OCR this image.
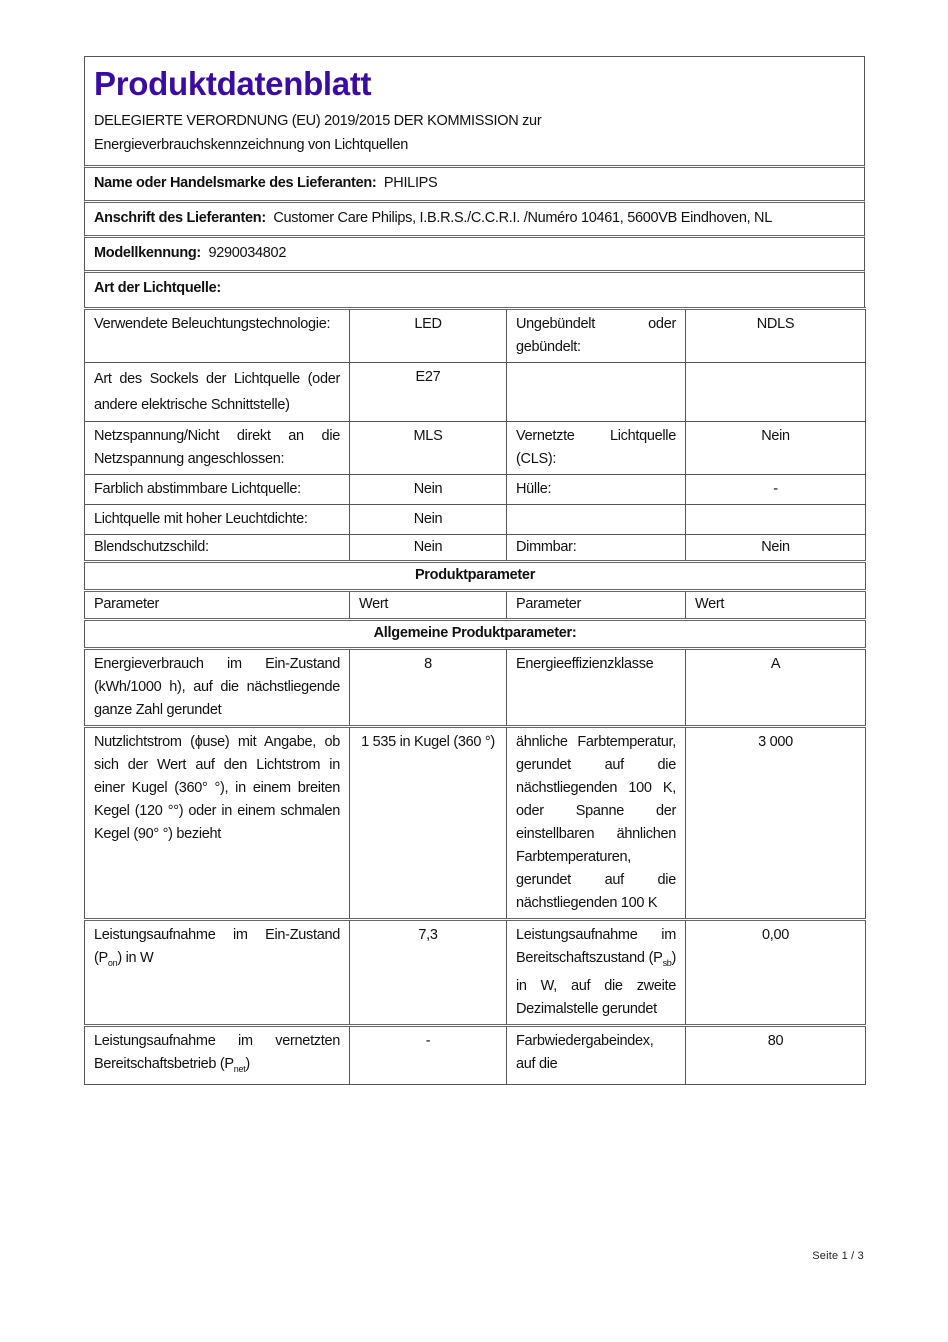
Produktdatenblatt
DELEGIERTE VERORDNUNG (EU) 2019/2015 DER KOMMISSION zur
Energieverbrauchskennzeichnung von Lichtquellen
Name oder Handelsmarke des Lieferanten: PHILIPS
Anschrift des Lieferanten: Customer Care Philips, I.B.R.S./C.C.R.I. /Numéro 10461, 5600VB Eindhoven, NL
Modellkennung: 9290034802
Art der Lichtquelle:
Verwendete Beleuchtungstechnologie:	LED	Ungebündelt oder gebündelt:	NDLS
Art des Sockels der Lichtquelle (oder andere elektrische Schnittstelle)	E27		
Netzspannung/Nicht direkt an die Netzspannung angeschlossen:	MLS	Vernetzte Lichtquelle (CLS):	Nein
Farblich abstimmbare Lichtquelle:	Nein	Hülle:	-
Lichtquelle mit hoher Leuchtdichte:	Nein		
Blendschutzschild:	Nein	Dimmbar:	Nein
Produktparameter			
Parameter	Wert	Parameter	Wert
Allgemeine Produktparameter:			
Energieverbrauch im Ein-Zustand (kWh/1000 h), auf die nächstliegende ganze Zahl gerundet	8	Energieeffizienzklasse	A
Nutzlichtstrom (ɸuse) mit Angabe, ob sich der Wert auf den Lichtstrom in einer Kugel (360° °), in einem breiten Kegel (120 °°) oder in einem schmalen Kegel (90° °) bezieht	1 535 in Kugel (360 °)	ähnliche Farbtemperatur, gerundet auf die nächstliegenden 100 K, oder Spanne der einstellbaren ähnlichen Farbtemperaturen, gerundet auf die nächstliegenden 100 K	3 000
Leistungsaufnahme im Ein-Zustand $(P_{on})$ in W	7,3	Leistungsaufnahme im Bereitschaftszustand $(P_{sb})$ in W, auf die zweite Dezimalstelle gerundet	0,00
Leistungsaufnahme im vernetzten Bereitschaftsbetrieb $(P_{net})$	-	Farbwiedergabeindex, auf die	80
Seite 1 / 3
